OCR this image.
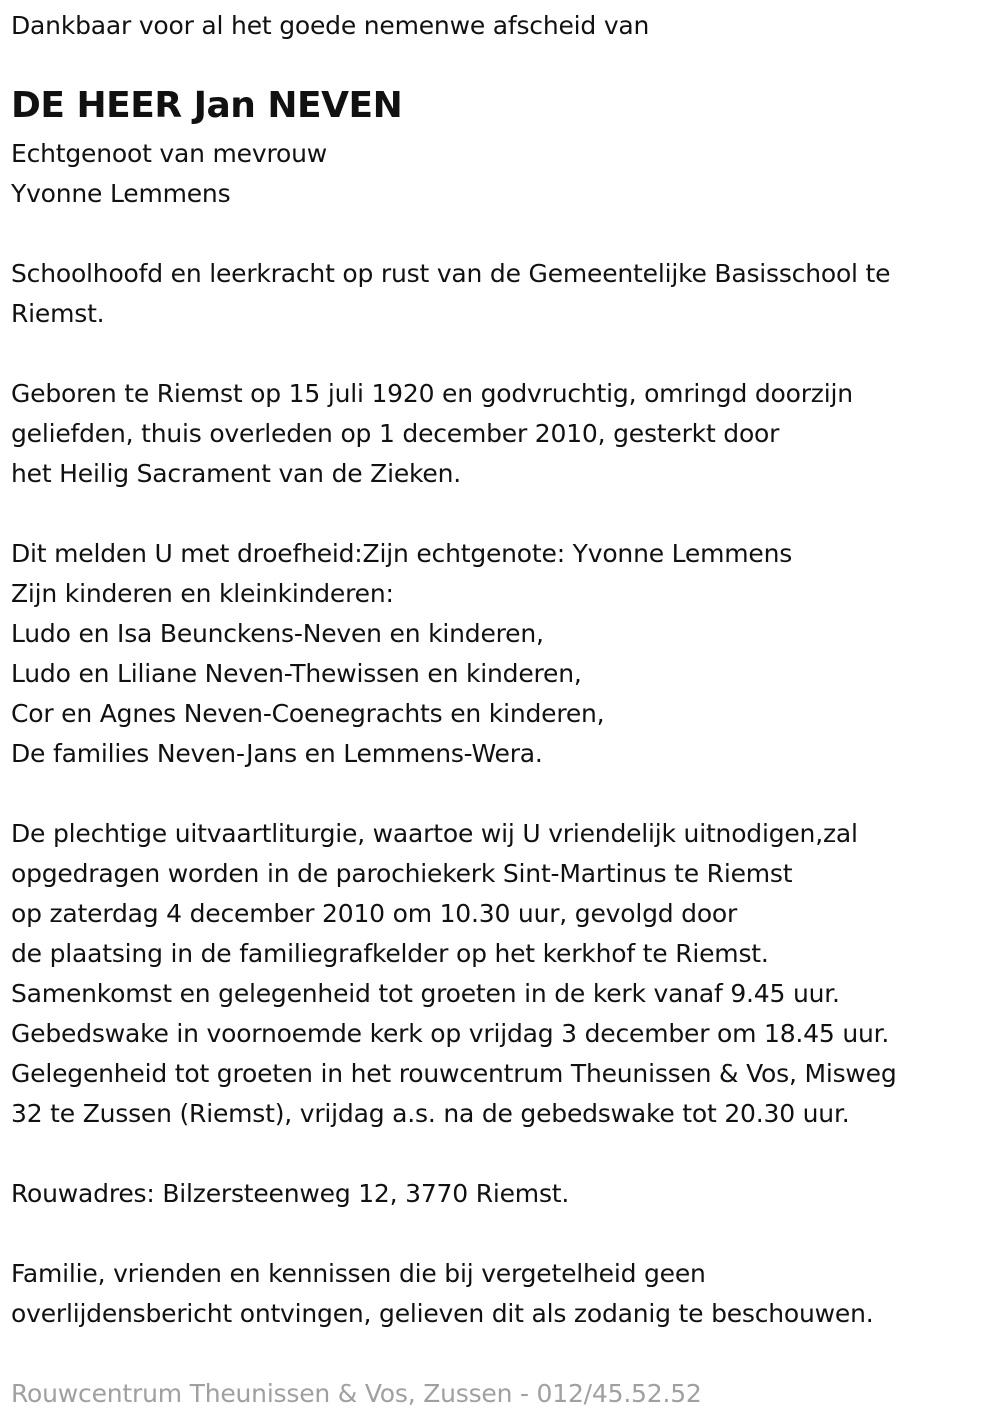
Dankbaar voor al het goede nemenwe afscheid van
DE HEER Jan NEVEN
Echtgenoot van mevrouw
Yvonne Lemmens
Schoolhoofd en leerkracht op rust van de Gemeentelijke Basisschool te
Riemst.
Geboren te Riemst op 15 juli 1920 en godvruchtig, omringd doorzijn
geliefden, thuis overleden op 1 december 2010, gesterkt door
het Heilig Sacrament van de Zieken.
Dit melden U met droefheid:Zijn echtgenote: Yvonne Lemmens
Zijn kinderen en kleinkinderen:
Ludo en Isa Beunckens-Neven en kinderen,
Ludo en Liliane Neven-Thewissen en kinderen,
Cor en Agnes Neven-Coenegrachts en kinderen,
De families Neven-Jans en Lemmens-Wera.
De plechtige uitvaartliturgie, waartoe wij U vriendelijk uitnodigen,zal
opgedragen worden in de parochiekerk Sint-Martinus te Riemst
op zaterdag 4 december 2010 om 10.30 uur, gevolgd door
de plaatsing in de familiegrafkelder op het kerkhof te Riemst.
Samenkomst en gelegenheid tot groeten in de kerk vanaf 9.45 uur.
Gebedswake in voornoemde kerk op vrijdag 3 december om 18.45 uur.
Gelegenheid tot groeten in het rouwcentrum Theunissen & Vos, Misweg
32 te Zussen (Riemst), vrijdag a.s. na de gebedswake tot 20.30 uur.
Rouwadres: Bilzersteenweg 12, 3770 Riemst.
Familie, vrienden en kennissen die bij vergetelheid geen
overlijdensbericht ontvingen, gelieven dit als zodanig te beschouwen.
Rouwcentrum Theunissen & Vos, Zussen - 012/45.52.52
